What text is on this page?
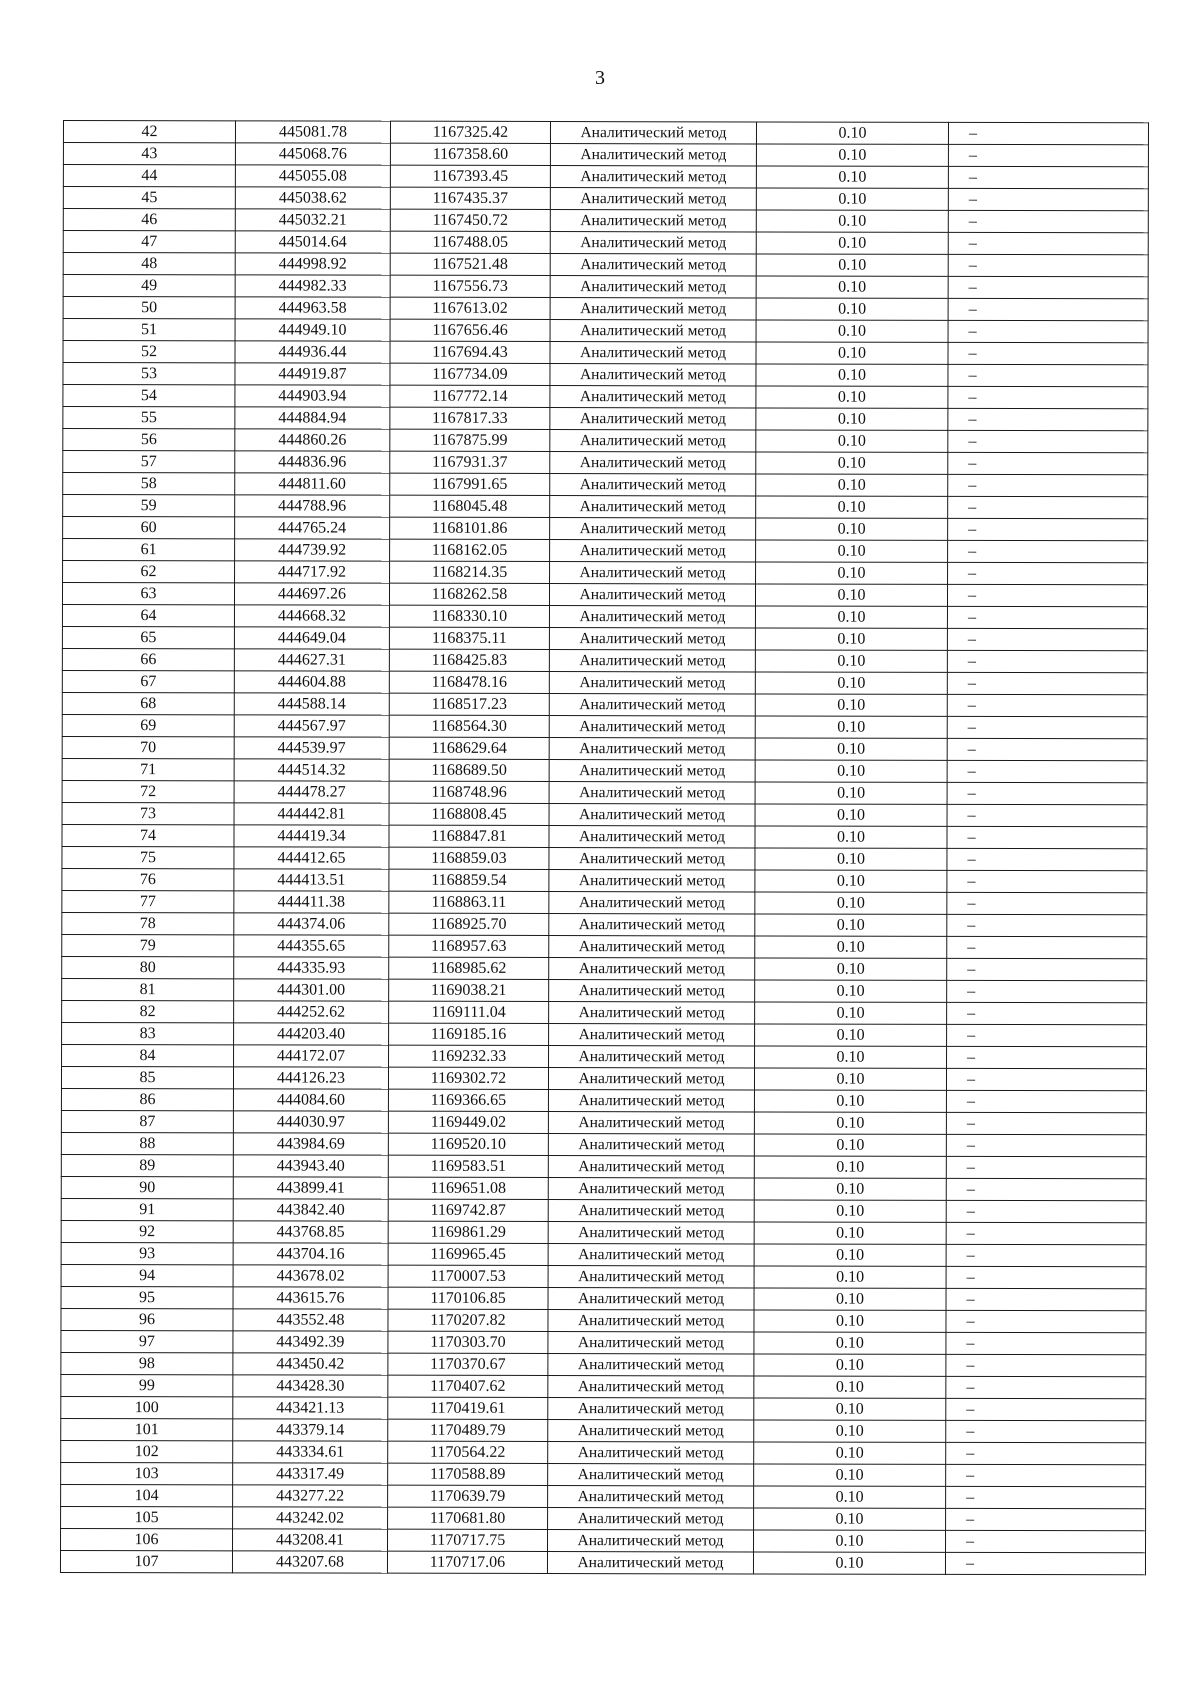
3
42	445081.78	1167325.42	Аналитический метод	0.10	–
43	445068.76	1167358.60	Аналитический метод	0.10	–
44	445055.08	1167393.45	Аналитический метод	0.10	–
45	445038.62	1167435.37	Аналитический метод	0.10	–
46	445032.21	1167450.72	Аналитический метод	0.10	–
47	445014.64	1167488.05	Аналитический метод	0.10	–
48	444998.92	1167521.48	Аналитический метод	0.10	–
49	444982.33	1167556.73	Аналитический метод	0.10	–
50	444963.58	1167613.02	Аналитический метод	0.10	–
51	444949.10	1167656.46	Аналитический метод	0.10	–
52	444936.44	1167694.43	Аналитический метод	0.10	–
53	444919.87	1167734.09	Аналитический метод	0.10	–
54	444903.94	1167772.14	Аналитический метод	0.10	–
55	444884.94	1167817.33	Аналитический метод	0.10	–
56	444860.26	1167875.99	Аналитический метод	0.10	–
57	444836.96	1167931.37	Аналитический метод	0.10	–
58	444811.60	1167991.65	Аналитический метод	0.10	–
59	444788.96	1168045.48	Аналитический метод	0.10	–
60	444765.24	1168101.86	Аналитический метод	0.10	–
61	444739.92	1168162.05	Аналитический метод	0.10	–
62	444717.92	1168214.35	Аналитический метод	0.10	–
63	444697.26	1168262.58	Аналитический метод	0.10	–
64	444668.32	1168330.10	Аналитический метод	0.10	–
65	444649.04	1168375.11	Аналитический метод	0.10	–
66	444627.31	1168425.83	Аналитический метод	0.10	–
67	444604.88	1168478.16	Аналитический метод	0.10	–
68	444588.14	1168517.23	Аналитический метод	0.10	–
69	444567.97	1168564.30	Аналитический метод	0.10	–
70	444539.97	1168629.64	Аналитический метод	0.10	–
71	444514.32	1168689.50	Аналитический метод	0.10	–
72	444478.27	1168748.96	Аналитический метод	0.10	–
73	444442.81	1168808.45	Аналитический метод	0.10	–
74	444419.34	1168847.81	Аналитический метод	0.10	–
75	444412.65	1168859.03	Аналитический метод	0.10	–
76	444413.51	1168859.54	Аналитический метод	0.10	–
77	444411.38	1168863.11	Аналитический метод	0.10	–
78	444374.06	1168925.70	Аналитический метод	0.10	–
79	444355.65	1168957.63	Аналитический метод	0.10	–
80	444335.93	1168985.62	Аналитический метод	0.10	–
81	444301.00	1169038.21	Аналитический метод	0.10	–
82	444252.62	1169111.04	Аналитический метод	0.10	–
83	444203.40	1169185.16	Аналитический метод	0.10	–
84	444172.07	1169232.33	Аналитический метод	0.10	–
85	444126.23	1169302.72	Аналитический метод	0.10	–
86	444084.60	1169366.65	Аналитический метод	0.10	–
87	444030.97	1169449.02	Аналитический метод	0.10	–
88	443984.69	1169520.10	Аналитический метод	0.10	–
89	443943.40	1169583.51	Аналитический метод	0.10	–
90	443899.41	1169651.08	Аналитический метод	0.10	–
91	443842.40	1169742.87	Аналитический метод	0.10	–
92	443768.85	1169861.29	Аналитический метод	0.10	–
93	443704.16	1169965.45	Аналитический метод	0.10	–
94	443678.02	1170007.53	Аналитический метод	0.10	–
95	443615.76	1170106.85	Аналитический метод	0.10	–
96	443552.48	1170207.82	Аналитический метод	0.10	–
97	443492.39	1170303.70	Аналитический метод	0.10	–
98	443450.42	1170370.67	Аналитический метод	0.10	–
99	443428.30	1170407.62	Аналитический метод	0.10	–
100	443421.13	1170419.61	Аналитический метод	0.10	–
101	443379.14	1170489.79	Аналитический метод	0.10	–
102	443334.61	1170564.22	Аналитический метод	0.10	–
103	443317.49	1170588.89	Аналитический метод	0.10	–
104	443277.22	1170639.79	Аналитический метод	0.10	–
105	443242.02	1170681.80	Аналитический метод	0.10	–
106	443208.41	1170717.75	Аналитический метод	0.10	–
107	443207.68	1170717.06	Аналитический метод	0.10	–
